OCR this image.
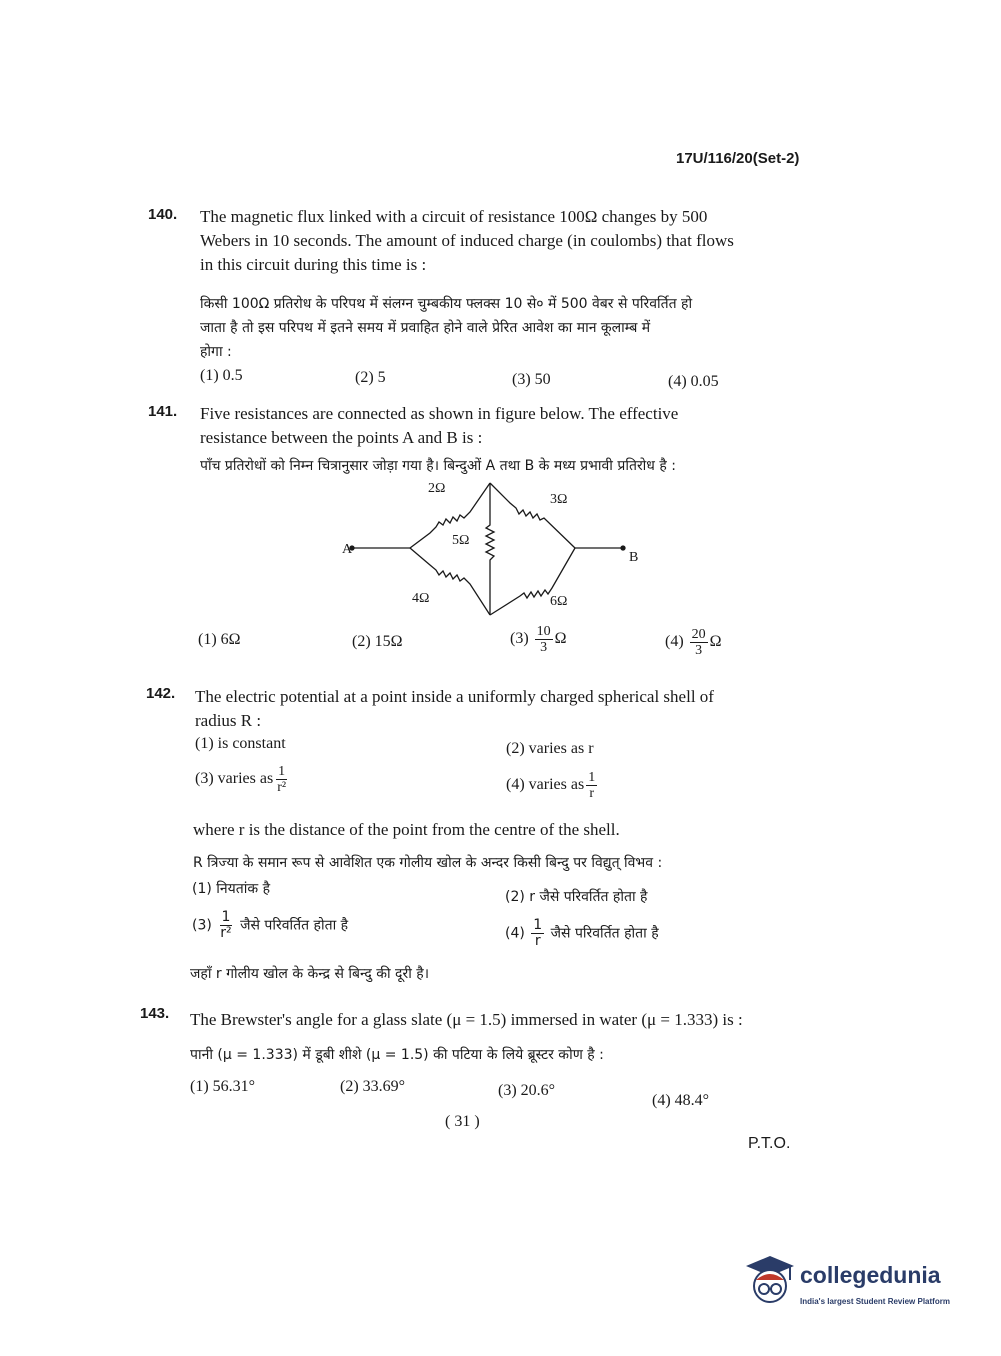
17U/116/20(Set-2)
140. The magnetic flux linked with a circuit of resistance 100Ω changes by 500
Webers in 10 seconds. The amount of induced charge (in coulombs) that flows
in this circuit during this time is :
किसी 100Ω प्रतिरोध के परिपथ में संलग्न चुम्बकीय फ्लक्स 10 से० में 500 वेबर से परिवर्तित हो
जाता है तो इस परिपथ में इतने समय में प्रवाहित होने वाले प्रेरित आवेश का मान कूलाम्ब में
होगा :
(1) 0.5	(2) 5	(3) 50	(4) 0.05
141. Five resistances are connected as shown in figure below. The effective
resistance between the points A and B is :
पाँच प्रतिरोधों को निम्न चित्रानुसार जोड़ा गया है। बिन्दुओं A तथा B के मध्य प्रभावी प्रतिरोध है :
2Ω
3Ω
5Ω
4Ω	6Ω
A
B
(1) 6Ω	(2) 15Ω	$(3) \frac{10}{3}$ Ω	$(4) \frac{20}{3}$ Ω
142. The electric potential at a point inside a uniformly charged spherical shell of
radius R :
(1) is constant	(2) varies as r
(3) varies as $\frac{1}{\text{r²}}$	(4) varies as $\frac{1}{r}$
where r is the distance of the point from the centre of the shell.
R त्रिज्या के समान रूप से आवेशित एक गोलीय खोल के अन्दर किसी बिन्दु पर विद्युत् विभव :
(1) नियतांक है	(2) r जैसे परिवर्तित होता है
$(3) \frac{1}{\text{r²}}$ जैसे परिवर्तित होता है	$(4) \frac{1}{r}$ जैसे परिवर्तित होता है
जहाँ r गोलीय खोल के केन्द्र से बिन्दु की दूरी है।
143. The Brewster's angle for a glass slate (μ = 1.5) immersed in water (μ = 1.333) is :
पानी (μ = 1.333) में डूबी शीशे (μ = 1.5) की पटिया के लिये ब्रूस्टर कोण है :
(1) 56.31°	(2) 33.69°	(3) 20.6°
(4) 48.4°
( 31 )
P.T.O.
collegedunia
India's largest Student Review Platform
